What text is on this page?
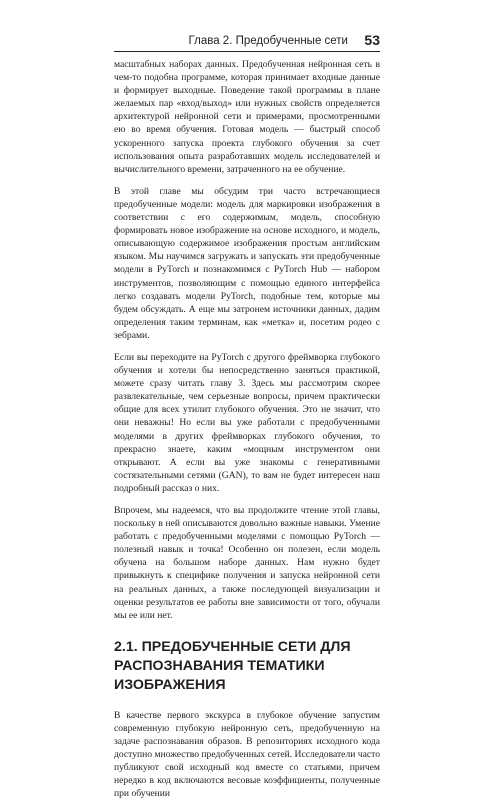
Глава 2. Предобученные сети 53

масштабных наборах данных. Предобученная нейронная сеть в чем-то подобна программе, которая принимает входные данные и формирует выходные. Поведение такой программы в плане желаемых пар «вход/выход» или нужных свойств определяется архитектурой нейронной сети и примерами, просмотренными ею во время обучения. Готовая модель — быстрый способ ускоренного запуска проекта глубокого обучения за счет использования опыта разработавших модель исследователей и вычислительного времени, затраченного на ее обучение.

В этой главе мы обсудим три часто встречающиеся предобученные модели: модель для маркировки изображения в соответствии с его содержимым, модель, способную формировать новое изображение на основе исходного, и модель, описывающую содержимое изображения простым английским языком. Мы научимся загружать и запускать эти предобученные модели в PyTorch и познакомимся с PyTorch Hub — набором инструментов, позволяющим с помощью единого интерфейса легко создавать модели PyTorch, подобные тем, которые мы будем обсуждать. А еще мы затронем источники данных, дадим определения таким терминам, как «метка» и, посетим родео с зебрами.

Если вы переходите на PyTorch с другого фреймворка глубокого обучения и хотели бы непосредственно заняться практикой, можете сразу читать главу 3. Здесь мы рассмотрим скорее развлекательные, чем серьезные вопросы, причем практически общие для всех утилит глубокого обучения. Это не значит, что они неважны! Но если вы уже работали с предобученными моделями в других фреймворках глубокого обучения, то прекрасно знаете, каким «мощным инструментом они открывают. А если вы уже знакомы с генеративными состязательными сетями (GAN), то вам не будет интересен наш подробный рассказ о них.

Впрочем, мы надеемся, что вы продолжите чтение этой главы, поскольку в ней описываются довольно важные навыки. Умение работать с предобученными моделями с помощью PyTorch — полезный навык и точка! Особенно он полезен, если модель обучена на большом наборе данных. Нам нужно будет привыкнуть к специфике получения и запуска нейронной сети на реальных данных, а также последующей визуализации и оценки результатов ее работы вне зависимости от того, обучали мы ее или нет.

2.1. ПРЕДОБУЧЕННЫЕ СЕТИ ДЛЯ РАСПОЗНАВАНИЯ ТЕМАТИКИ ИЗОБРАЖЕНИЯ

В качестве первого экскурса в глубокое обучение запустим современную глубокую нейронную сеть, предобученную на задаче распознавания образов. В репозиториях исходного кода доступно множество предобученных сетей. Исследователи часто публикуют свой исходный код вместе со статьями, причем нередко в код включаются весовые коэффициенты, полученные при обучении
